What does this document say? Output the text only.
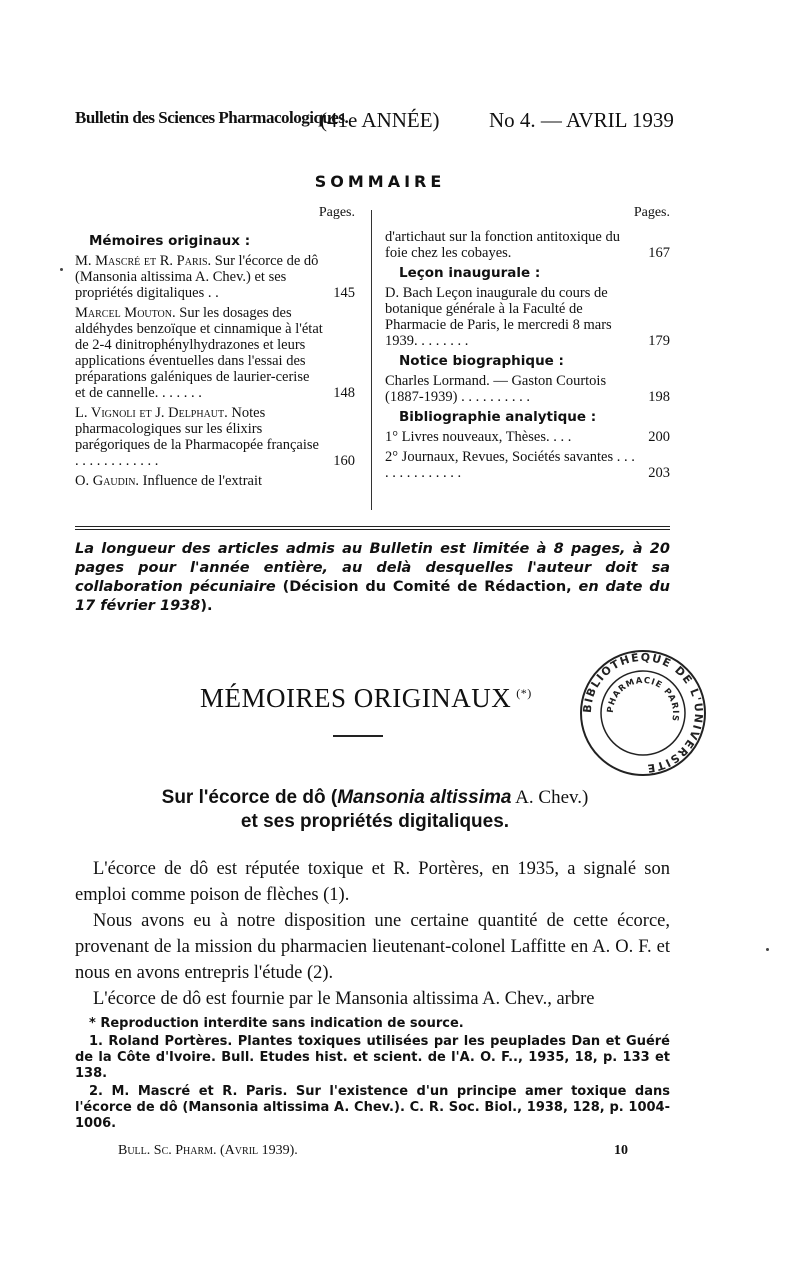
Bulletin des Sciences Pharmacologiques.
(41e ANNÉE) No 4. — AVRIL 1939
SOMMAIRE
Pages.
Mémoires originaux :
M. Mascré et R. Paris. Sur l'écorce de dô (Mansonia altissima A. Chev.) et ses propriétés digitaliques . .	145
Marcel Mouton. Sur les dosages des aldéhydes benzoïque et cinnamique à l'état de 2-4 dinitrophénylhydrazones et leurs applications éventuelles dans l'essai des préparations galéniques de laurier-cerise et de cannelle. . . . . . .	148
L. Vignoli et J. Delphaut. Notes pharmacologiques sur les élixirs parégoriques de la Pharmacopée française . . . . . . . . . . . .	160
O. Gaudin. Influence de l'extrait
Pages.
d'artichaut sur la fonction antitoxique du foie chez les cobayes.	167
Leçon inaugurale :
D. Bach Leçon inaugurale du cours de botanique générale à la Faculté de Pharmacie de Paris, le mercredi 8 mars 1939. . . . . . . .	179
Notice biographique :
Charles Lormand. — Gaston Courtois (1887-1939) . . . . . . . . . .	198
Bibliographie analytique :
1° Livres nouveaux, Thèses. . . .	200
2° Journaux, Revues, Sociétés savantes . . . . . . . . . . . . . .	203
La longueur des articles admis au Bulletin est limitée à 8 pages, à 20 pages pour l'année entière, au delà desquelles l'auteur doit sa collaboration pécuniaire (Décision du Comité de Rédaction, en date du 17 février 1938).
MÉMOIRES ORIGINAUX (*)
BIBLIOTHÈQUE DE L'UNIVERSITÉ
PHARMACIE PARIS
Sur l'écorce de dô (Mansonia altissima A. Chev.)
et ses propriétés digitaliques.

L'écorce de dô est réputée toxique et R. Portères, en 1935, a signalé son emploi comme poison de flèches (1).

Nous avons eu à notre disposition une certaine quantité de cette écorce, provenant de la mission du pharmacien lieutenant-colonel Laffitte en A. O. F. et nous en avons entrepris l'étude (2).

L'écorce de dô est fournie par le Mansonia altissima A. Chev., arbre

* Reproduction interdite sans indication de source.

1. Roland Portères. Plantes toxiques utilisées par les peuplades Dan et Guéré de la Côte d'Ivoire. Bull. Etudes hist. et scient. de l'A. O. F.., 1935, 18, p. 133 et 138.

2. M. Mascré et R. Paris. Sur l'existence d'un principe amer toxique dans l'écorce de dô (Mansonia altissima A. Chev.). C. R. Soc. Biol., 1938, 128, p. 1004-1006.

Bull. Sc. Pharm. (Avril 1939).	10
